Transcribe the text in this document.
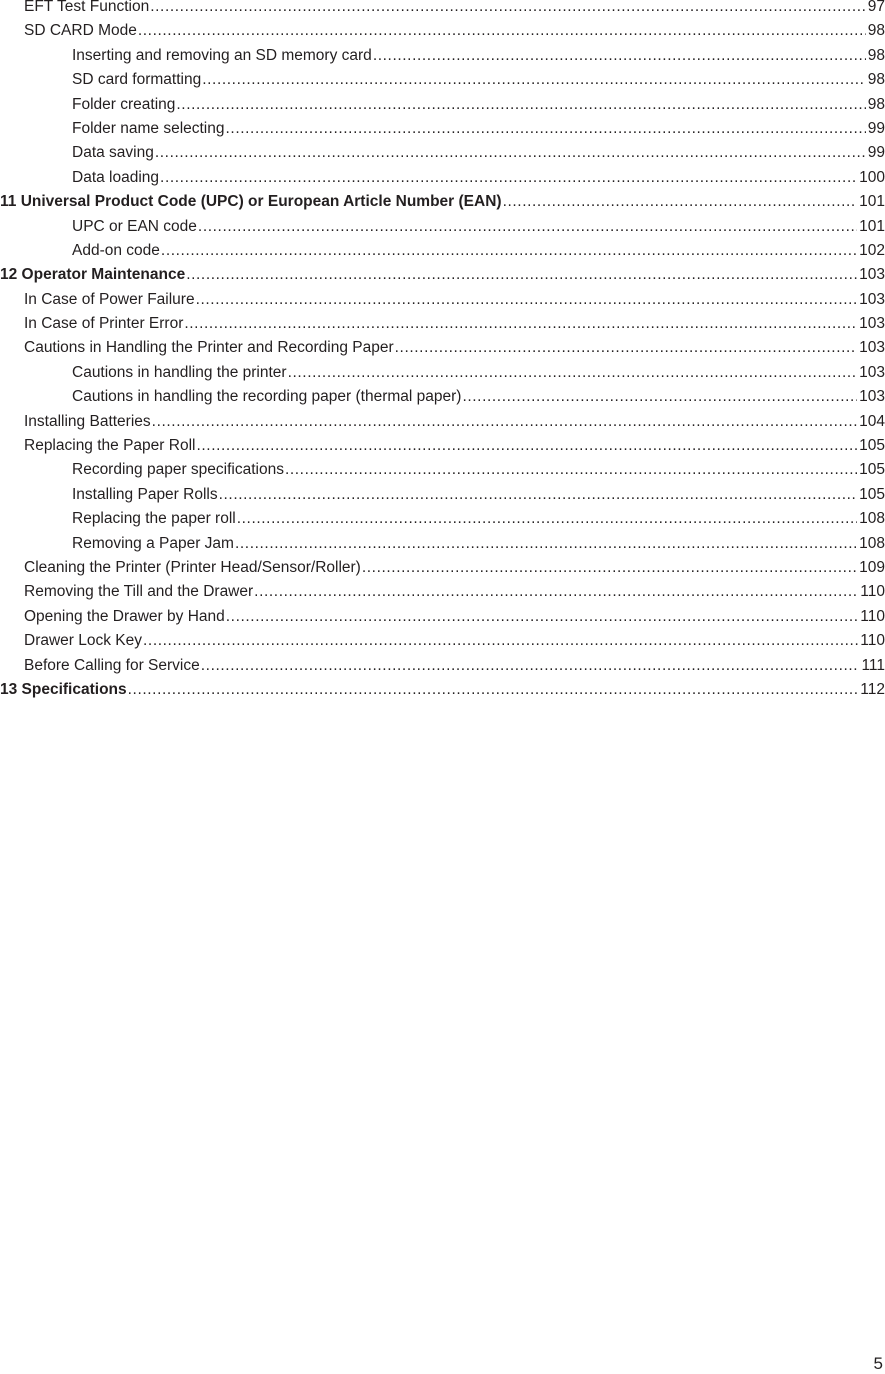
EFT Test Function .....	97
SD CARD Mode .....	98
Inserting and removing an SD memory card .....	98
SD card formatting .....	98
Folder creating .....	98
Folder name selecting .....	99
Data saving .....	99
Data loading .....	100
11 Universal Product Code (UPC) or European Article Number (EAN) .....	101
UPC or EAN code .....	101
Add-on code .....	102
12 Operator Maintenance .....	103
In Case of Power Failure .....	103
In Case of Printer Error .....	103
Cautions in Handling the Printer and Recording Paper .....	103
Cautions in handling the printer .....	103
Cautions in handling the recording paper (thermal paper) .....	103
Installing Batteries .....	104
Replacing the Paper Roll .....	105
Recording paper specifications .....	105
Installing Paper Rolls .....	105
Replacing the paper roll .....	108
Removing a Paper Jam .....	108
Cleaning the Printer (Printer Head/Sensor/Roller) .....	109
Removing the Till and the Drawer .....	110
Opening the Drawer by Hand .....	110
Drawer Lock Key .....	110
Before Calling for Service .....	111
13 Specifications .....	112
5
